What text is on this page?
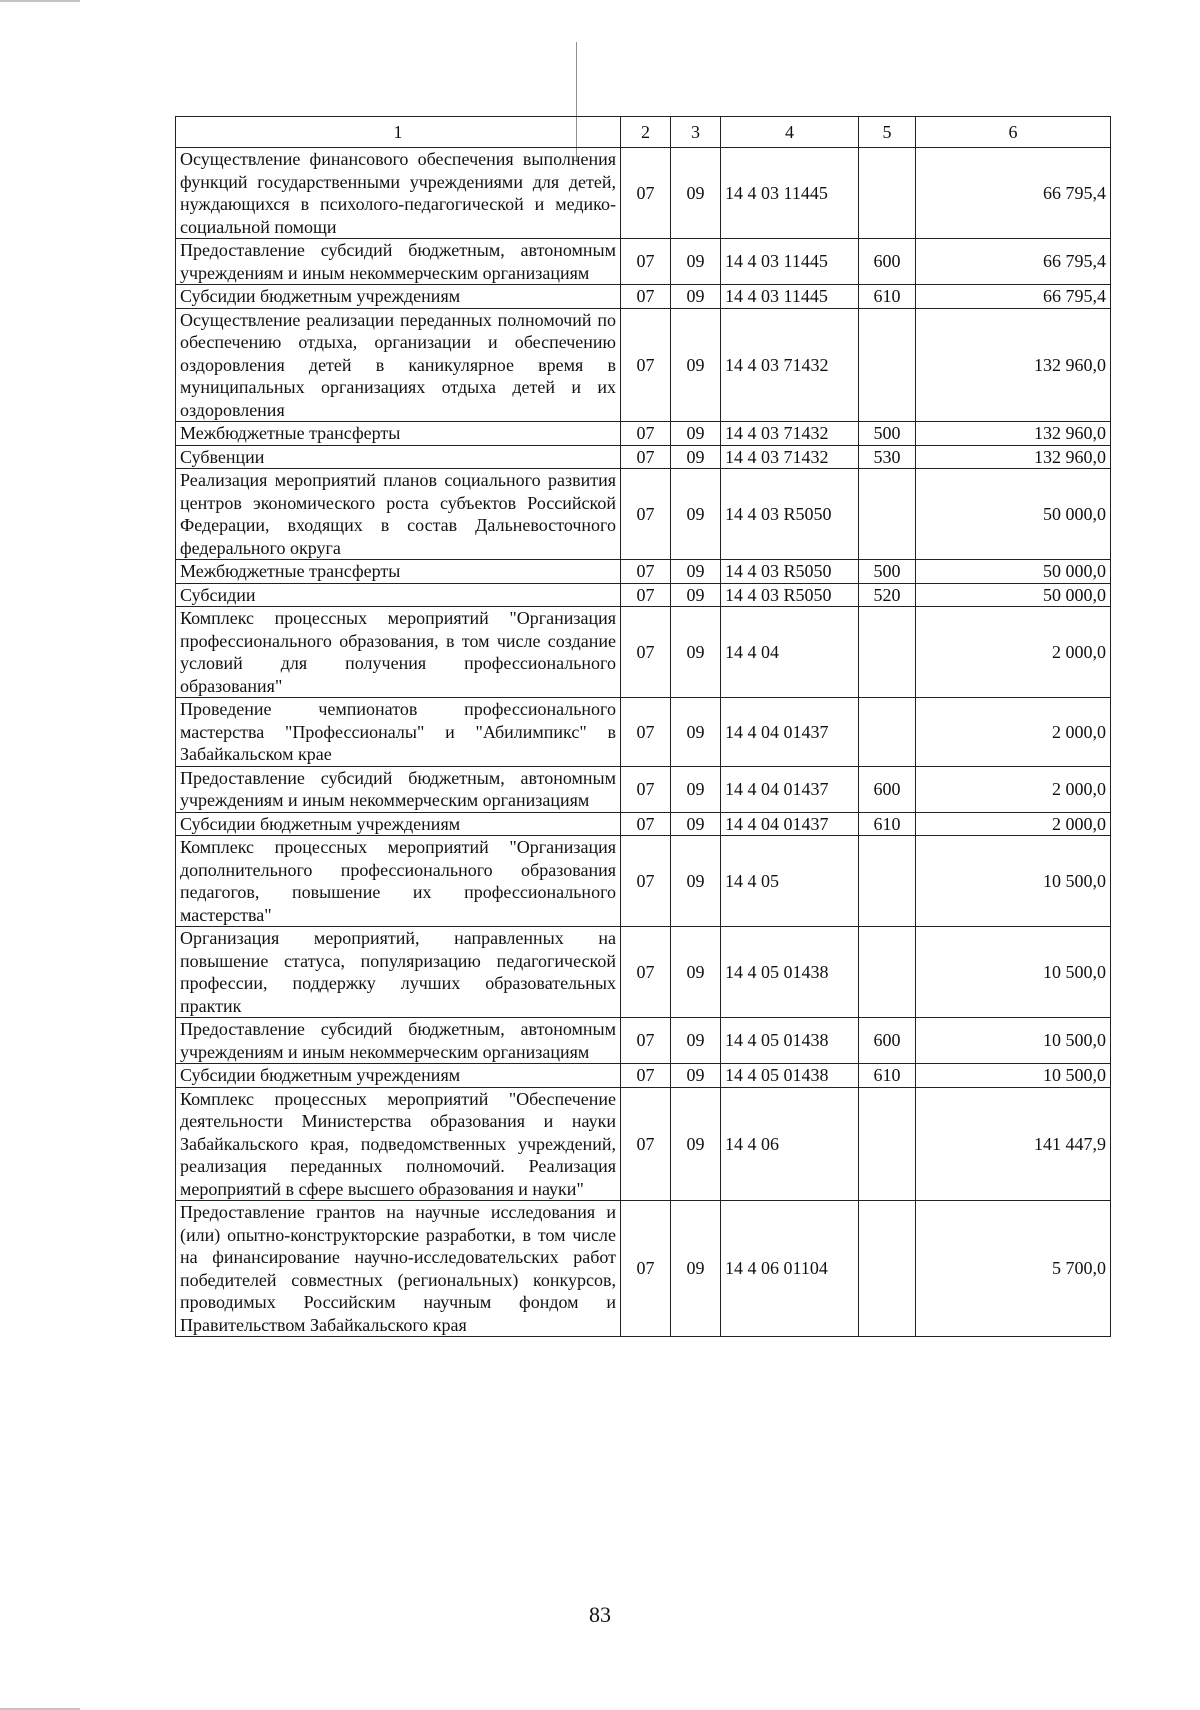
1	2	3	4	5	6
Осуществление финансового обеспечения выполнения функций государственными учреждениями для детей, нуждающихся в психолого-педагогической и медико-социальной помощи	07	09	14 4 03 11445		66 795,4
Предоставление субсидий бюджетным, автономным учреждениям и иным некоммерческим организациям	07	09	14 4 03 11445	600	66 795,4
Субсидии бюджетным учреждениям	07	09	14 4 03 11445	610	66 795,4
Осуществление реализации переданных полномочий по обеспечению отдыха, организации и обеспечению оздоровления детей в каникулярное время в муниципальных организациях отдыха детей и их оздоровления	07	09	14 4 03 71432		132 960,0
Межбюджетные трансферты	07	09	14 4 03 71432	500	132 960,0
Субвенции	07	09	14 4 03 71432	530	132 960,0
Реализация мероприятий планов социального развития центров экономического роста субъектов Российской Федерации, входящих в состав Дальневосточного федерального округа	07	09	14 4 03 R5050		50 000,0
Межбюджетные трансферты	07	09	14 4 03 R5050	500	50 000,0
Субсидии	07	09	14 4 03 R5050	520	50 000,0
Комплекс процессных мероприятий "Организация профессионального образования, в том числе создание условий для получения профессионального образования"	07	09	14 4 04		2 000,0
Проведение чемпионатов профессионального мастерства "Профессионалы" и "Абилимпикс" в Забайкальском крае	07	09	14 4 04 01437		2 000,0
Предоставление субсидий бюджетным, автономным учреждениям и иным некоммерческим организациям	07	09	14 4 04 01437	600	2 000,0
Субсидии бюджетным учреждениям	07	09	14 4 04 01437	610	2 000,0
Комплекс процессных мероприятий "Организация дополнительного профессионального образования педагогов, повышение их профессионального мастерства"	07	09	14 4 05		10 500,0
Организация мероприятий, направленных на повышение статуса, популяризацию педагогической профессии, поддержку лучших образовательных практик	07	09	14 4 05 01438		10 500,0
Предоставление субсидий бюджетным, автономным учреждениям и иным некоммерческим организациям	07	09	14 4 05 01438	600	10 500,0
Субсидии бюджетным учреждениям	07	09	14 4 05 01438	610	10 500,0
Комплекс процессных мероприятий "Обеспечение деятельности Министерства образования и науки Забайкальского края, подведомственных учреждений, реализация переданных полномочий. Реализация мероприятий в сфере высшего образования и науки"	07	09	14 4 06		141 447,9
Предоставление грантов на научные исследования и (или) опытно-конструкторские разработки, в том числе на финансирование научно-исследовательских работ победителей совместных (региональных) конкурсов, проводимых Российским научным фондом и Правительством Забайкальского края	07	09	14 4 06 01104		5 700,0
83
